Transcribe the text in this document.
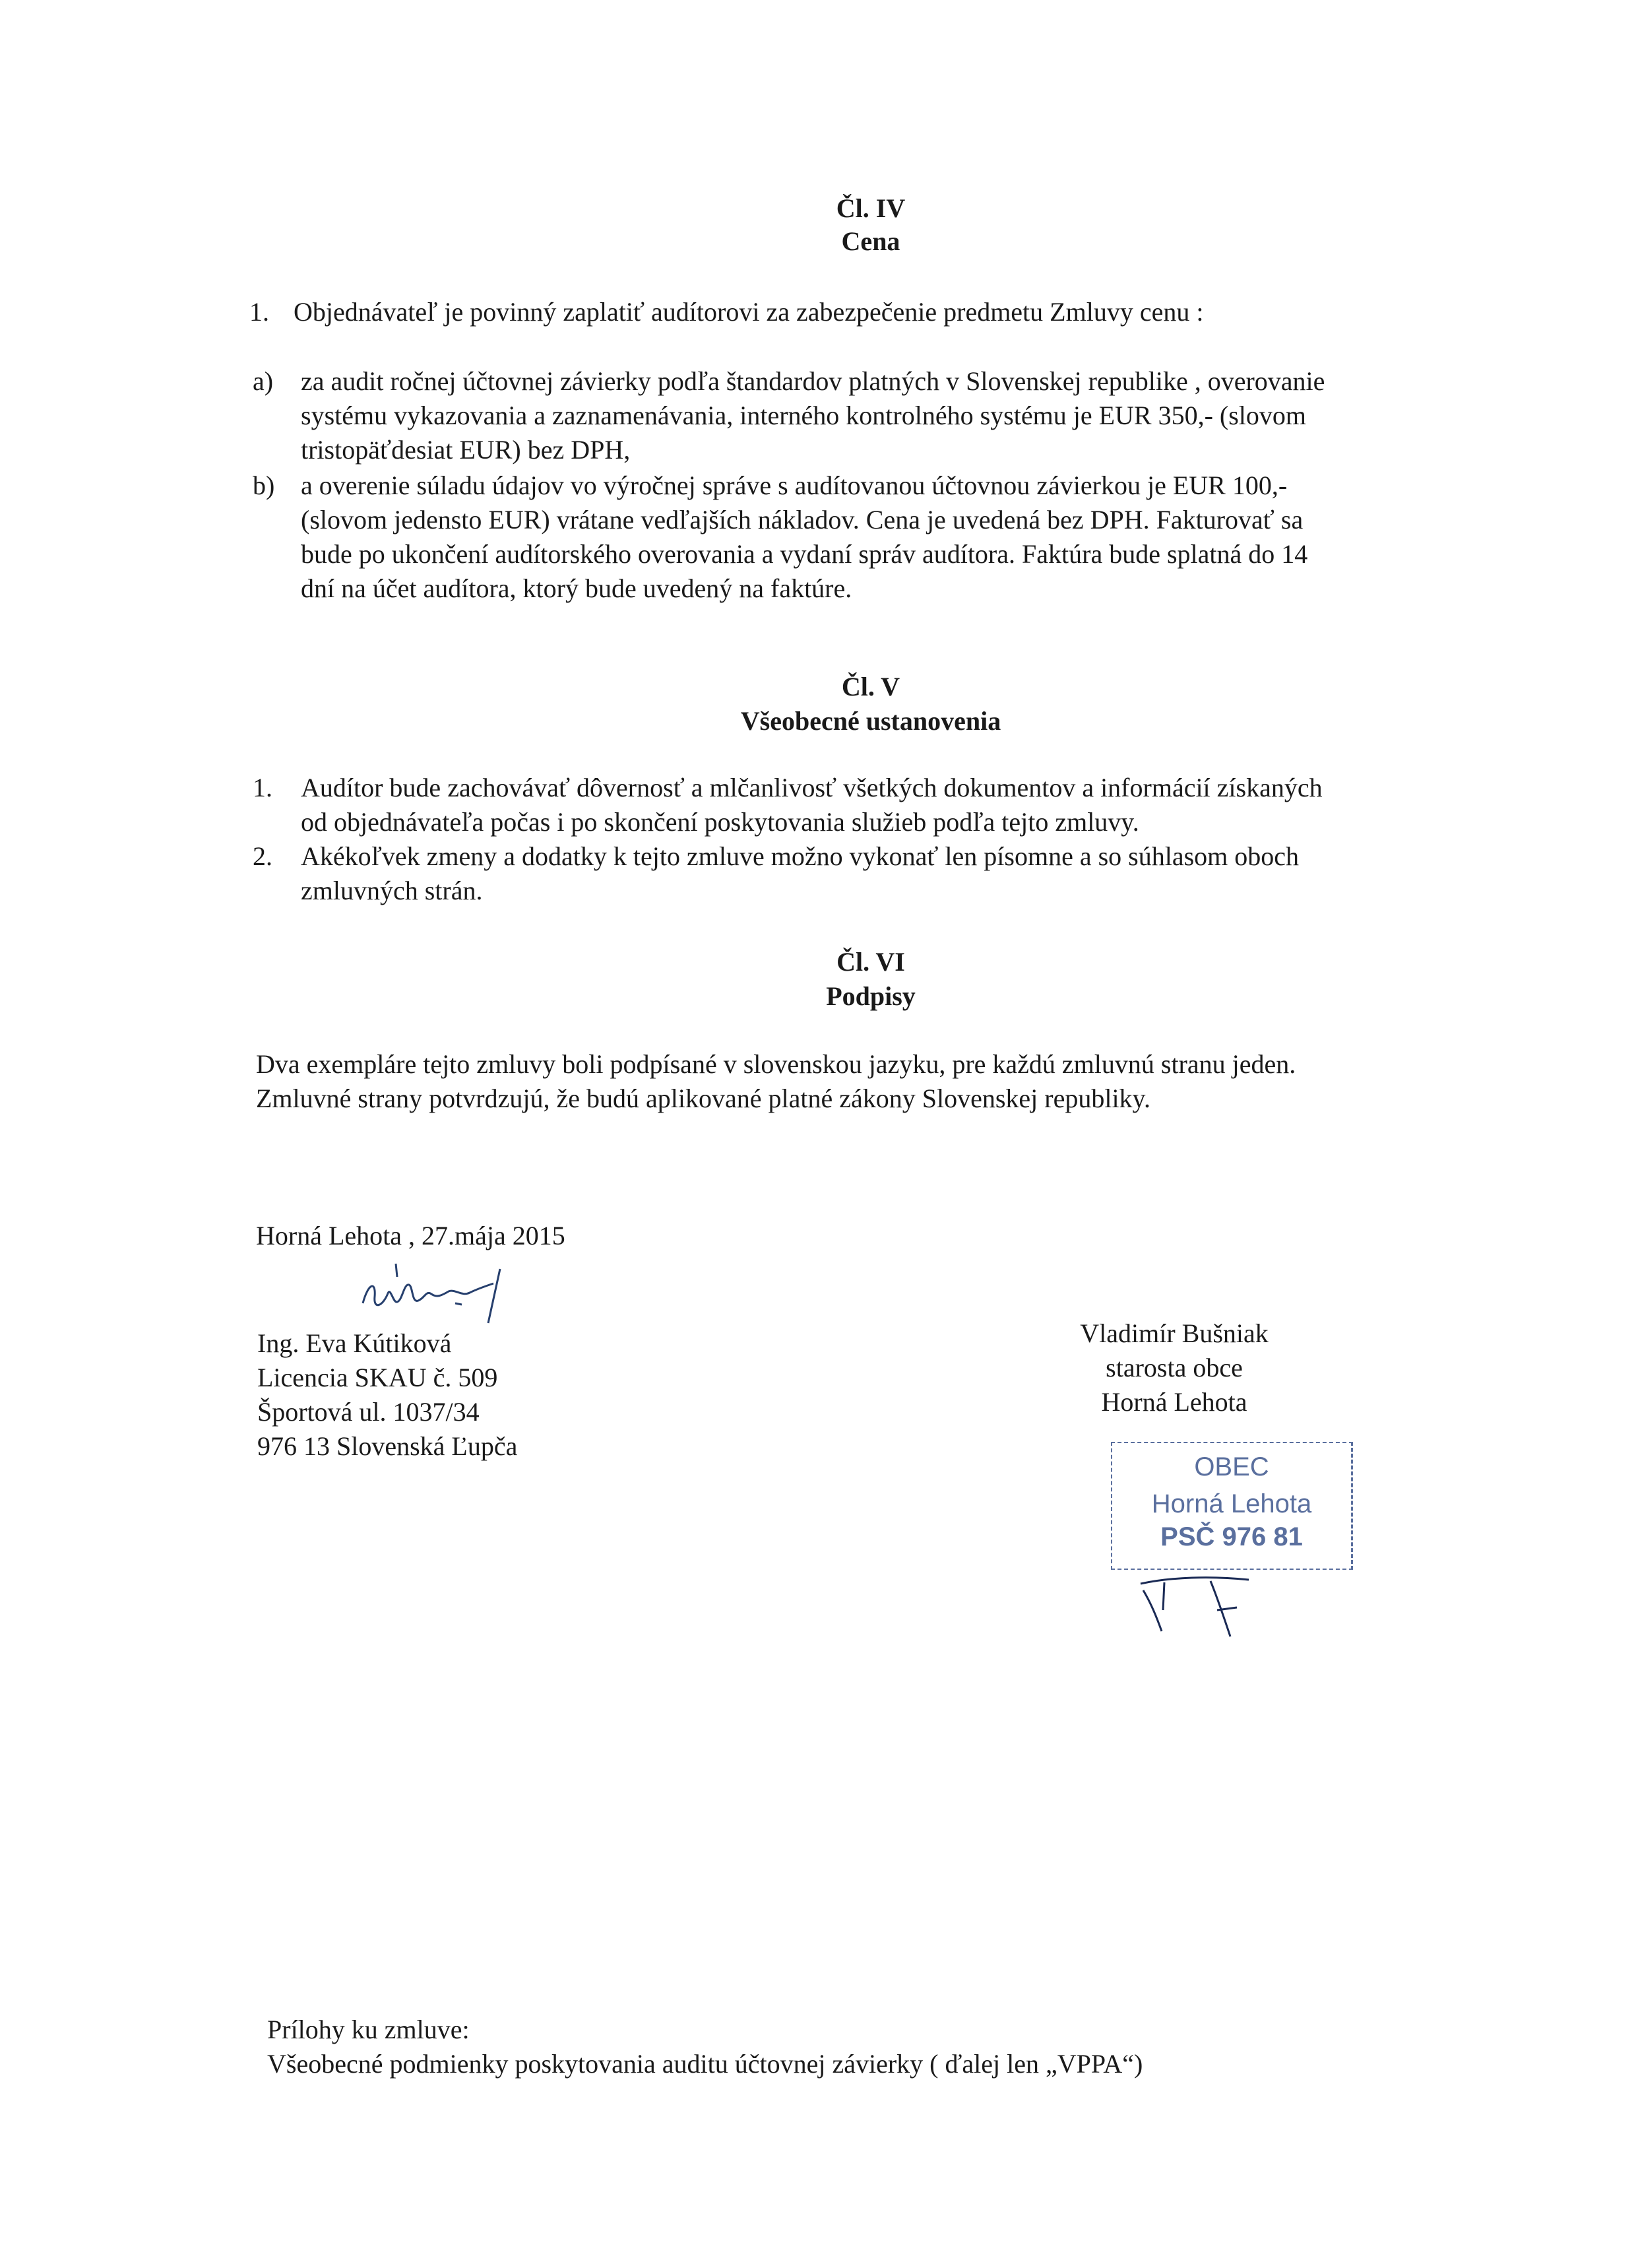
Čl. IV
Cena
1. Objednávateľ je povinný zaplatiť audítorovi za zabezpečenie predmetu Zmluvy cenu :
a) za audit ročnej účtovnej závierky podľa štandardov platných v Slovenskej republike , overovanie
systému vykazovania a zaznamenávania, interného kontrolného systému je EUR 350,- (slovom
tristopäťdesiat EUR) bez DPH,
b) a overenie súladu údajov vo výročnej správe s audítovanou účtovnou závierkou je EUR 100,-
(slovom jedensto EUR) vrátane vedľajších nákladov. Cena je uvedená bez DPH. Fakturovať sa
bude po ukončení audítorského overovania a vydaní správ audítora. Faktúra bude splatná do 14
dní na účet audítora, ktorý bude uvedený na faktúre.
Čl. V
Všeobecné ustanovenia
1. Audítor bude zachovávať dôvernosť a mlčanlivosť všetkých dokumentov a informácií získaných
od objednávateľa počas i po skončení poskytovania služieb podľa tejto zmluvy.
2. Akékoľvek zmeny a dodatky k tejto zmluve možno vykonať len písomne a so súhlasom oboch
zmluvných strán.
Čl. VI
Podpisy
Dva exempláre tejto zmluvy boli podpísané v slovenskou jazyku, pre každú zmluvnú stranu jeden.
Zmluvné strany potvrdzujú, že budú aplikované platné zákony Slovenskej republiky.
Horná Lehota , 27.mája 2015
Ing. Eva Kútiková
Licencia SKAU č. 509
Športová ul. 1037/34
976 13 Slovenská Ľupča
Vladimír Bušniak
starosta obce
Horná Lehota
OBEC
Horná Lehota
PSČ 976 81
Prílohy ku zmluve:
Všeobecné podmienky poskytovania auditu účtovnej závierky ( ďalej len „VPPA“)
